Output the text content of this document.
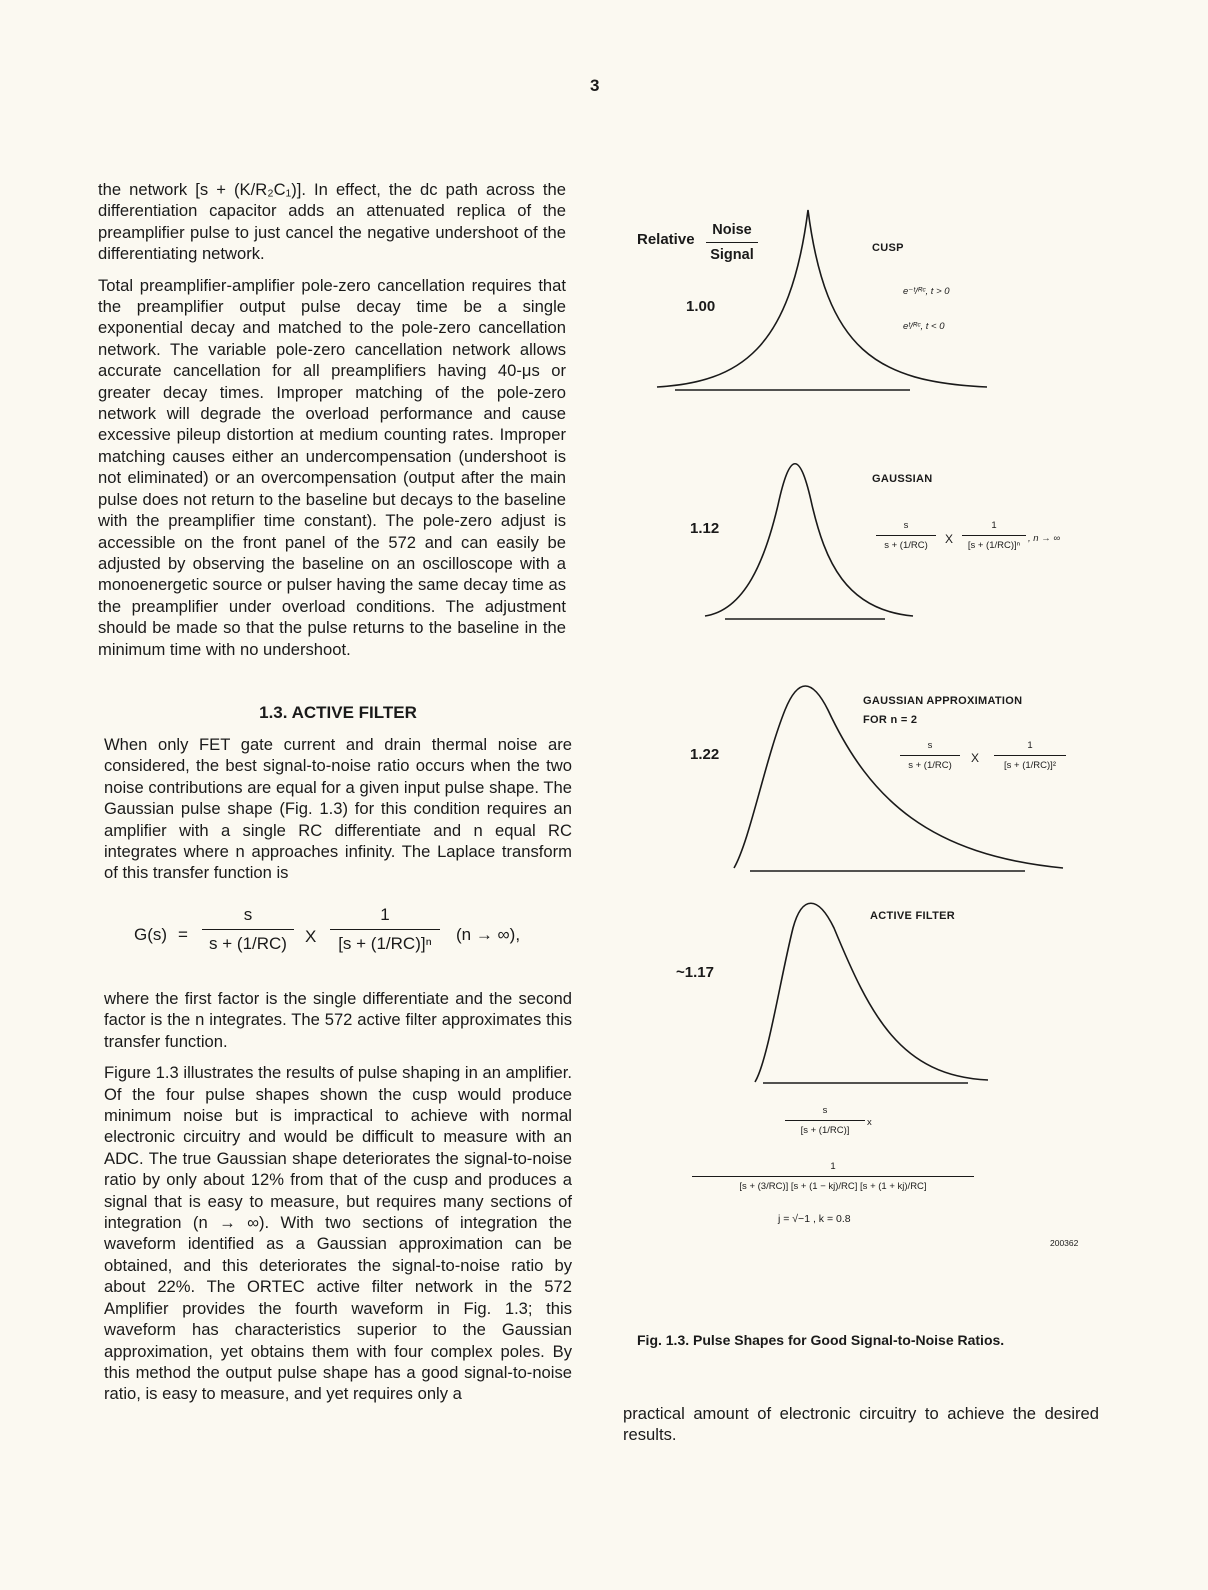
3

the network [s + (K/R₂C₁)]. In effect, the dc path across the differentiation capacitor adds an attenuated replica of the preamplifier pulse to just cancel the negative undershoot of the differentiating network.

Total preamplifier-amplifier pole-zero cancellation requires that the preamplifier output pulse decay time be a single exponential decay and matched to the pole-zero cancellation network. The variable pole-zero cancellation network allows accurate cancellation for all preamplifiers having 40-μs or greater decay times. Improper matching of the pole-zero network will degrade the overload performance and cause excessive pileup distortion at medium counting rates. Improper matching causes either an undercompensation (undershoot is not eliminated) or an overcompensation (output after the main pulse does not return to the baseline but decays to the baseline with the preamplifier time constant). The pole-zero adjust is accessible on the front panel of the 572 and can easily be adjusted by observing the baseline on an oscilloscope with a monoenergetic source or pulser having the same decay time as the preamplifier under overload conditions. The adjustment should be made so that the pulse returns to the baseline in the minimum time with no undershoot.

1.3. ACTIVE FILTER

When only FET gate current and drain thermal noise are considered, the best signal-to-noise ratio occurs when the two noise contributions are equal for a given input pulse shape. The Gaussian pulse shape (Fig. 1.3) for this condition requires an amplifier with a single RC differentiate and n equal RC integrates where n approaches infinity. The Laplace transform of this transfer function is

G(s) =
s
s + (1/RC)	X
1
[s + (1/RC)]ⁿ	(n → ∞),

where the first factor is the single differentiate and the second factor is the n integrates. The 572 active filter approximates this transfer function.

Figure 1.3 illustrates the results of pulse shaping in an amplifier. Of the four pulse shapes shown the cusp would produce minimum noise but is impractical to achieve with normal electronic circuitry and would be difficult to measure with an ADC. The true Gaussian shape deteriorates the signal-to-noise ratio by only about 12% from that of the cusp and produces a signal that is easy to measure, but requires many sections of integration (n → ∞). With two sections of integration the waveform identified as a Gaussian approximation can be obtained, and this deteriorates the signal-to-noise ratio by about 22%. The ORTEC active filter network in the 572 Amplifier provides the fourth waveform in Fig. 1.3; this waveform has characteristics superior to the Gaussian approximation, yet obtains them with four complex poles. By this method the output pulse shape has a good signal-to-noise ratio, is easy to measure, and yet requires only a

Relative
Noise
Signal
1.00
CUSP
e⁻ᵗ/ᴿᶜ, t > 0
eᵗ/ᴿᶜ, t < 0
1.12
GAUSSIAN
s
s + (1/RC)	X
1
[s + (1/RC)]ⁿ
, n → ∞
1.22
GAUSSIAN APPROXIMATION
FOR n = 2
s
s + (1/RC)
X
1
[s + (1/RC)]²
~1.17
ACTIVE FILTER
s
[s + (1/RC)]
x
1
[s + (3/RC)] [s + (1 − kj)/RC] [s + (1 + kj)/RC]
j = √−1 , k = 0.8
200362
Fig. 1.3. Pulse Shapes for Good Signal-to-Noise Ratios.

practical amount of electronic circuitry to achieve the desired results.
